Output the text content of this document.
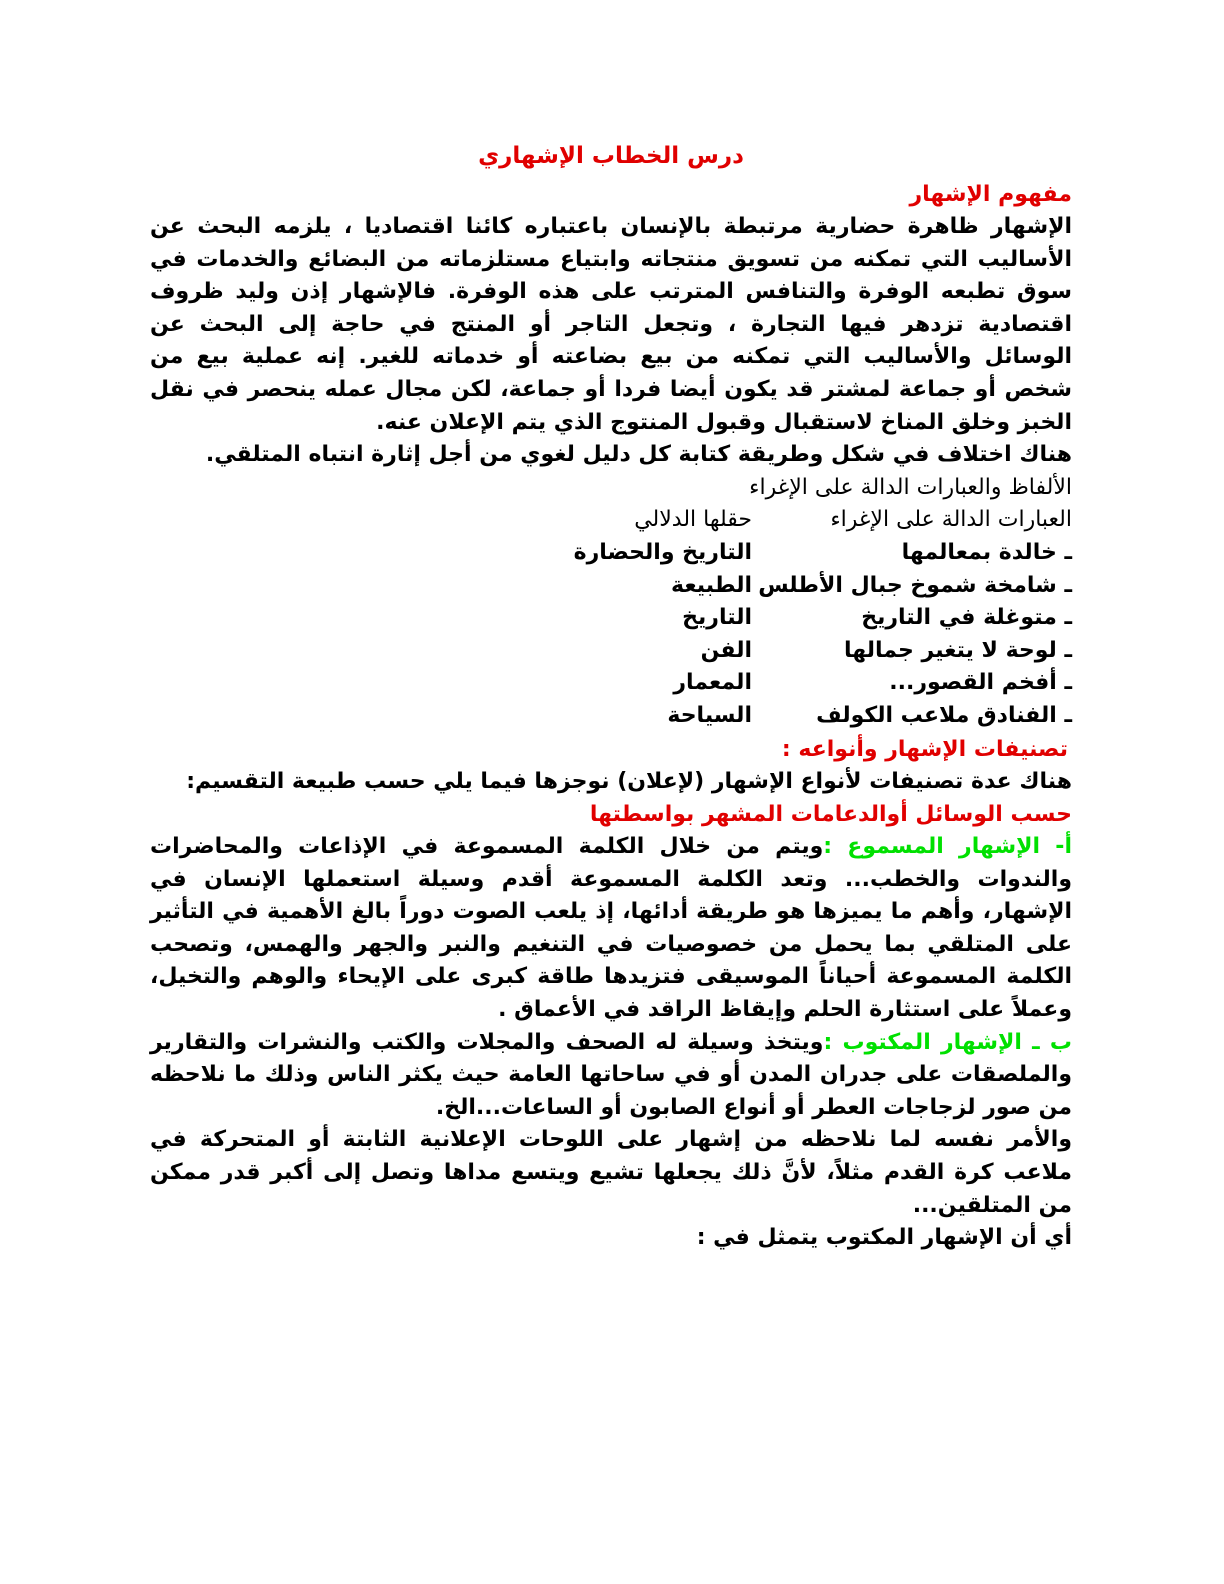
درس الخطاب الإشهاري
مفهوم الإشهار
الإشهار ظاهرة حضارية مرتبطة بالإنسان باعتباره كائنا اقتصاديا ، يلزمه البحث عن الأساليب التي تمكنه من تسويق منتجاته وابتياع مستلزماته من البضائع والخدمات في سوق تطبعه الوفرة والتنافس المترتب على هذه الوفرة. فالإشهار إذن وليد ظروف اقتصادية تزدهر فيها التجارة ، وتجعل التاجر أو المنتج في حاجة إلى البحث عن الوسائل والأساليب التي تمكنه من بيع بضاعته أو خدماته للغير. إنه عملية بيع من شخص أو جماعة لمشتر قد يكون أيضا فردا أو جماعة، لكن مجال عمله ينحصر في نقل الخبز وخلق المناخ لاستقبال وقبول المنتوج الذي يتم الإعلان عنه.
هناك اختلاف في شكل وطريقة كتابة كل دليل لغوي من أجل إثارة انتباه المتلقي.
الألفاظ والعبارات الدالة على الإغراء
العبارات الدالة على الإغراء
حقلها الدلالي
ـ خالدة بمعالمها
التاريخ والحضارة
ـ شامخة شموخ جبال الأطلس
الطبيعة
ـ متوغلة في التاريخ
التاريخ
ـ لوحة لا يتغير جمالها
الفن
ـ أفخم القصور...
المعمار
ـ الفنادق ملاعب الكولف
السياحة
تصنيفات الإشهار وأنواعه :
هناك عدة تصنيفات لأنواع الإشهار (لإعلان) نوجزها فيما يلي حسب طبيعة التقسيم:
حسب الوسائل أوالدعامات المشهر بواسطتها
أ- الإشهار المسموع :ويتم من خلال الكلمة المسموعة في الإذاعات والمحاضرات والندوات والخطب... وتعد الكلمة المسموعة أقدم وسيلة استعملها الإنسان في الإشهار، وأهم ما يميزها هو طريقة أدائها، إذ يلعب الصوت دوراً بالغ الأهمية في التأثير على المتلقي بما يحمل من خصوصيات في التنغيم والنبر والجهر والهمس، وتصحب الكلمة المسموعة أحياناً الموسيقى فتزيدها طاقة كبرى على الإيحاء والوهم والتخيل، وعملاً على استثارة الحلم وإيقاظ الراقد في الأعماق .
ب ـ الإشهار المكتوب :ويتخذ وسيلة له الصحف والمجلات والكتب والنشرات والتقارير والملصقات على جدران المدن أو في ساحاتها العامة حيث يكثر الناس وذلك ما نلاحظه من صور لزجاجات العطر أو أنواع الصابون أو الساعات...الخ.
والأمر نفسه لما نلاحظه من إشهار على اللوحات الإعلانية الثابتة أو المتحركة في ملاعب كرة القدم مثلاً، لأنَّ ذلك يجعلها تشيع ويتسع مداها وتصل إلى أكبر قدر ممكن من المتلقين...
أي أن الإشهار المكتوب يتمثل في :
